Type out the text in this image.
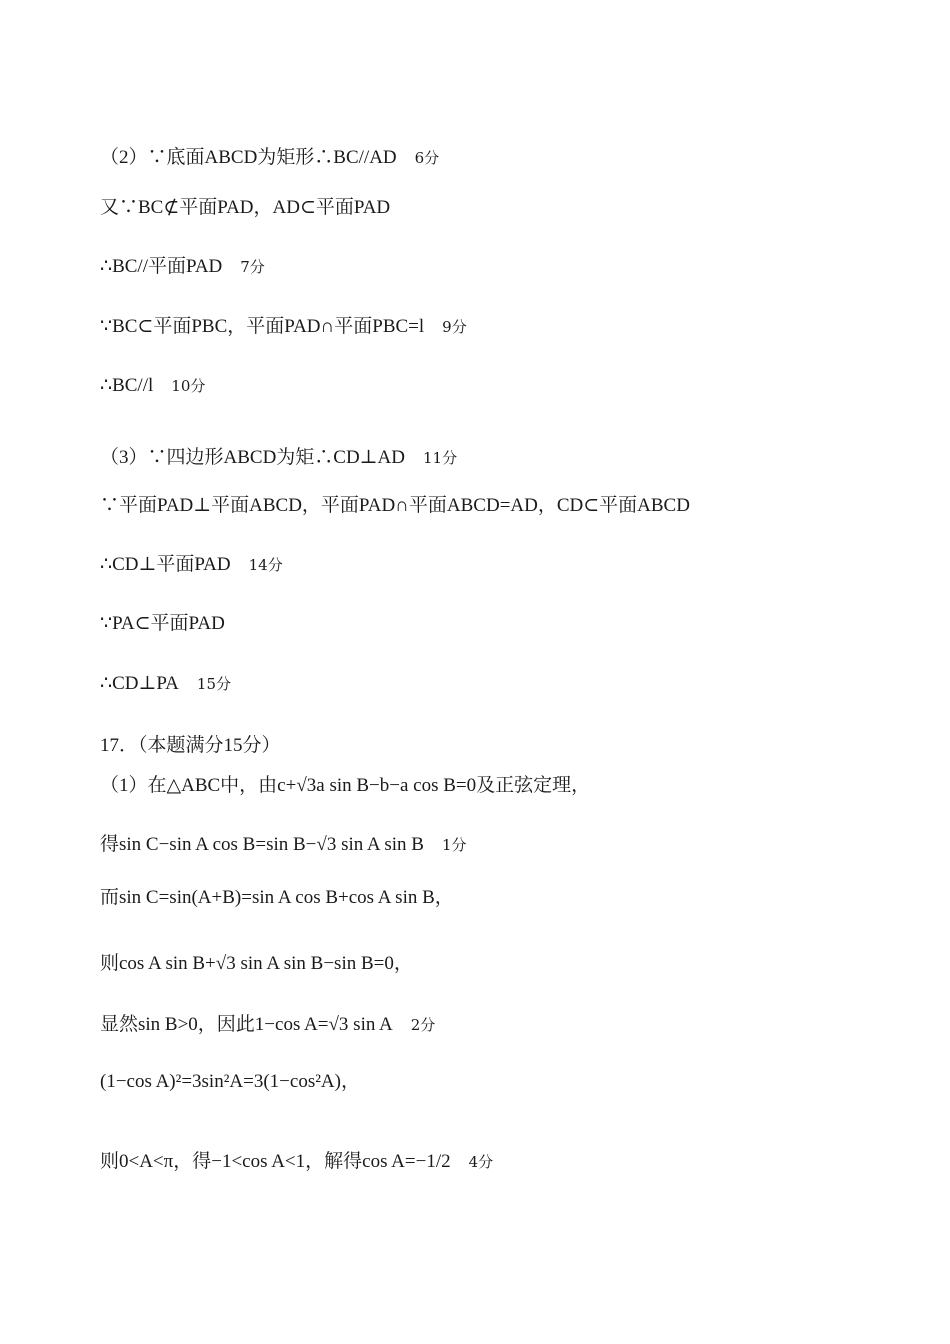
（2）∵底面ABCD为矩形∴BC//AD 6分
又∵BC⊄平面PAD，AD⊂平面PAD
∴BC//平面PAD 7分
∵BC⊂平面PBC，平面PAD∩平面PBC=l 9分
∴BC//l 10分
（3）∵四边形ABCD为矩∴CD⊥AD 11分
∵平面PAD⊥平面ABCD，平面PAD∩平面ABCD=AD，CD⊂平面ABCD
∴CD⊥平面PAD 14分
∵PA⊂平面PAD
∴CD⊥PA 15分
17．（本题满分15分）
（1）在△ABC中，由c+√3a sin B−b−a cos B=0及正弦定理，
得sin C−sin A cos B=sin B−√3 sin A sin B 1分
而sin C=sin(A+B)=sin A cos B+cos A sin B，
则cos A sin B+√3 sin A sin B−sin B=0，
显然sin B>0，因此1−cos A=√3 sin A 2分
(1−cos A)²=3sin²A=3(1−cos²A)，
则0<A<π，得−1<cos A<1，解得cos A=−1/2 4分
